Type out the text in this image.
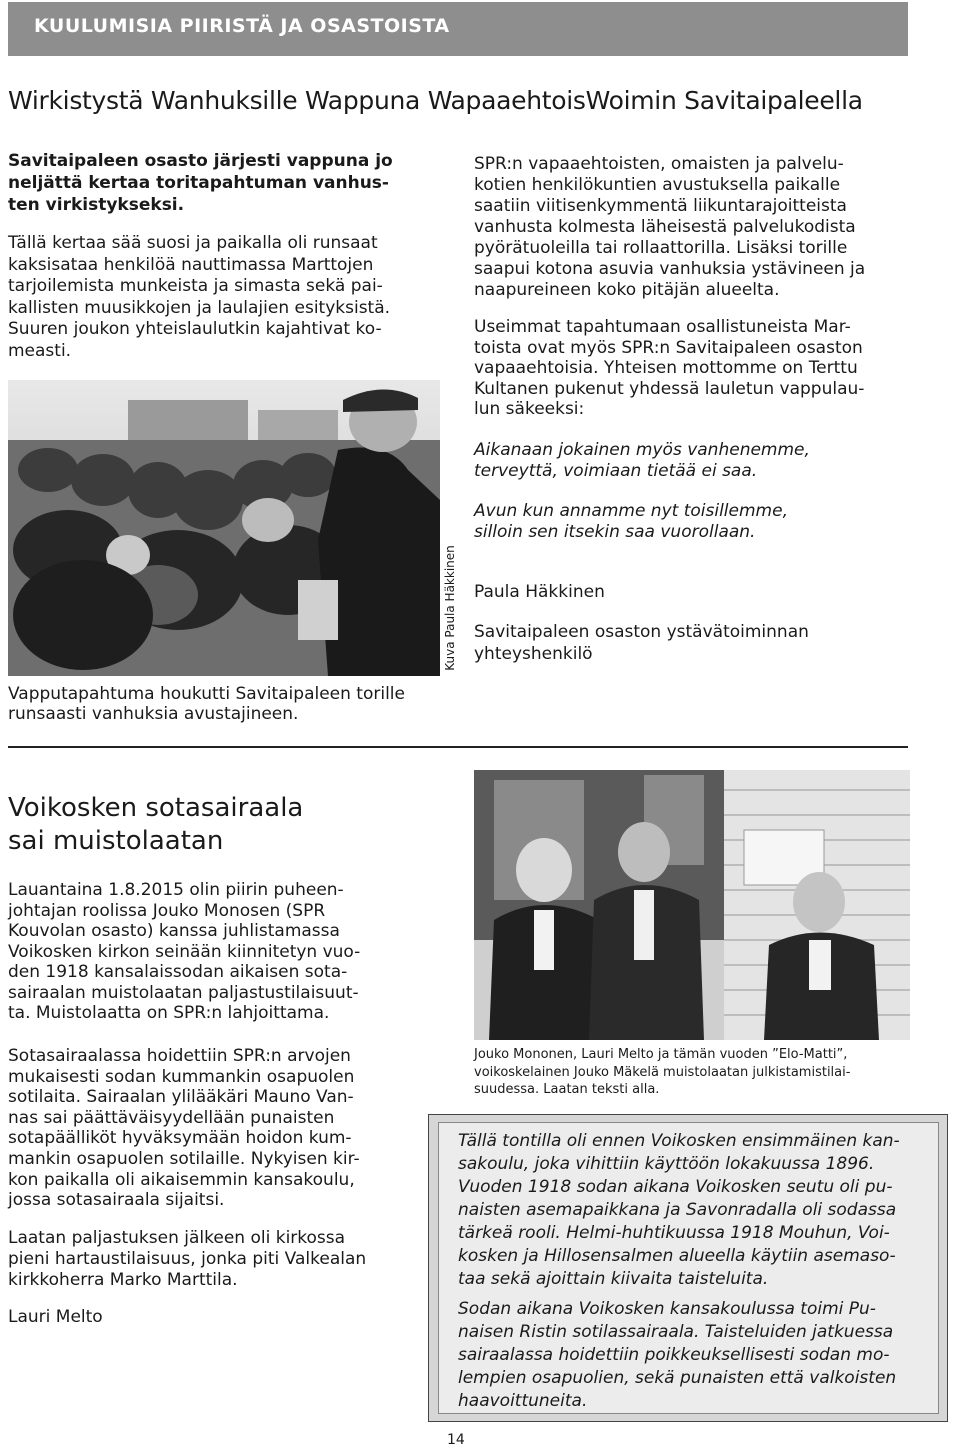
KUULUMISIA PIIRISTÄ JA OSASTOISTA
Wirkistystä Wanhuksille Wappuna WapaaehtoisWoimin Savitaipaleella
Savitaipaleen osasto järjesti vappuna jo
neljättä kertaa toritapahtuman vanhus-
ten virkistykseksi.
Tällä kertaa sää suosi ja paikalla oli runsaat
kaksisataa henkilöä nauttimassa Marttojen
tarjoilemista munkeista ja simasta sekä pai-
kallisten muusikkojen ja laulajien esityksistä.
Suuren joukon yhteislaulutkin kajahtivat ko-
measti.
Kuva Paula Häkkinen
Vapputapahtuma houkutti Savitaipaleen torille
runsaasti vanhuksia avustajineen.
SPR:n vapaaehtoisten, omaisten ja palvelu-
kotien henkilökuntien avustuksella paikalle
saatiin viitisenkymmentä liikuntarajoitteista
vanhusta kolmesta läheisestä palvelukodista
pyörätuoleilla tai rollaattorilla. Lisäksi torille
saapui kotona asuvia vanhuksia ystävineen ja
naapureineen koko pitäjän alueelta.
Useimmat tapahtumaan osallistuneista Mar-
toista ovat myös SPR:n Savitaipaleen osaston
vapaaehtoisia. Yhteisen mottomme on Terttu
Kultanen pukenut yhdessä lauletun vappulau-
lun säkeeksi:
Aikanaan jokainen myös vanhenemme,
terveyttä, voimiaan tietää ei saa.
Avun kun annamme nyt toisillemme,
silloin sen itsekin saa vuorollaan.
Paula Häkkinen
Savitaipaleen osaston ystävätoiminnan
yhteyshenkilö
Voikosken sotasairaala
sai muistolaatan
Lauantaina 1.8.2015 olin piirin puheen-
johtajan roolissa Jouko Monosen (SPR
Kouvolan osasto) kanssa juhlistamassa
Voikosken kirkon seinään kiinnitetyn vuo-
den 1918 kansalaissodan aikaisen sota-
sairaalan muistolaatan paljastustilaisuut-
ta. Muistolaatta on SPR:n lahjoittama.
Sotasairaalassa hoidettiin SPR:n arvojen
mukaisesti sodan kummankin osapuolen
sotilaita. Sairaalan ylilääkäri Mauno Van-
nas sai päättäväisyydellään punaisten
sotapäälliköt hyväksymään hoidon kum-
mankin osapuolen sotilaille. Nykyisen kir-
kon paikalla oli aikaisemmin kansakoulu,
jossa sotasairaala sijaitsi.
Laatan paljastuksen jälkeen oli kirkossa
pieni hartaustilaisuus, jonka piti Valkealan
kirkkoherra Marko Marttila.
Lauri Melto
Jouko Mononen, Lauri Melto ja tämän vuoden ”Elo-Matti”,
voikoskelainen Jouko Mäkelä muistolaatan julkistamistilai-
suudessa. Laatan teksti alla.
Tällä tontilla oli ennen Voikosken ensimmäinen kan-
sakoulu, joka vihittiin käyttöön lokakuussa 1896.
Vuoden 1918 sodan aikana Voikosken seutu oli pu-
naisten asemapaikkana ja Savonradalla oli sodassa
tärkeä rooli. Helmi-huhtikuussa 1918 Mouhun, Voi-
kosken ja Hillosensalmen alueella käytiin asemaso-
taa sekä ajoittain kiivaita taisteluita.
Sodan aikana Voikosken kansakoulussa toimi Pu-
naisen Ristin sotilassairaala. Taisteluiden jatkuessa
sairaalassa hoidettiin poikkeuksellisesti sodan mo-
lempien osapuolien, sekä punaisten että valkoisten
haavoittuneita.
14
